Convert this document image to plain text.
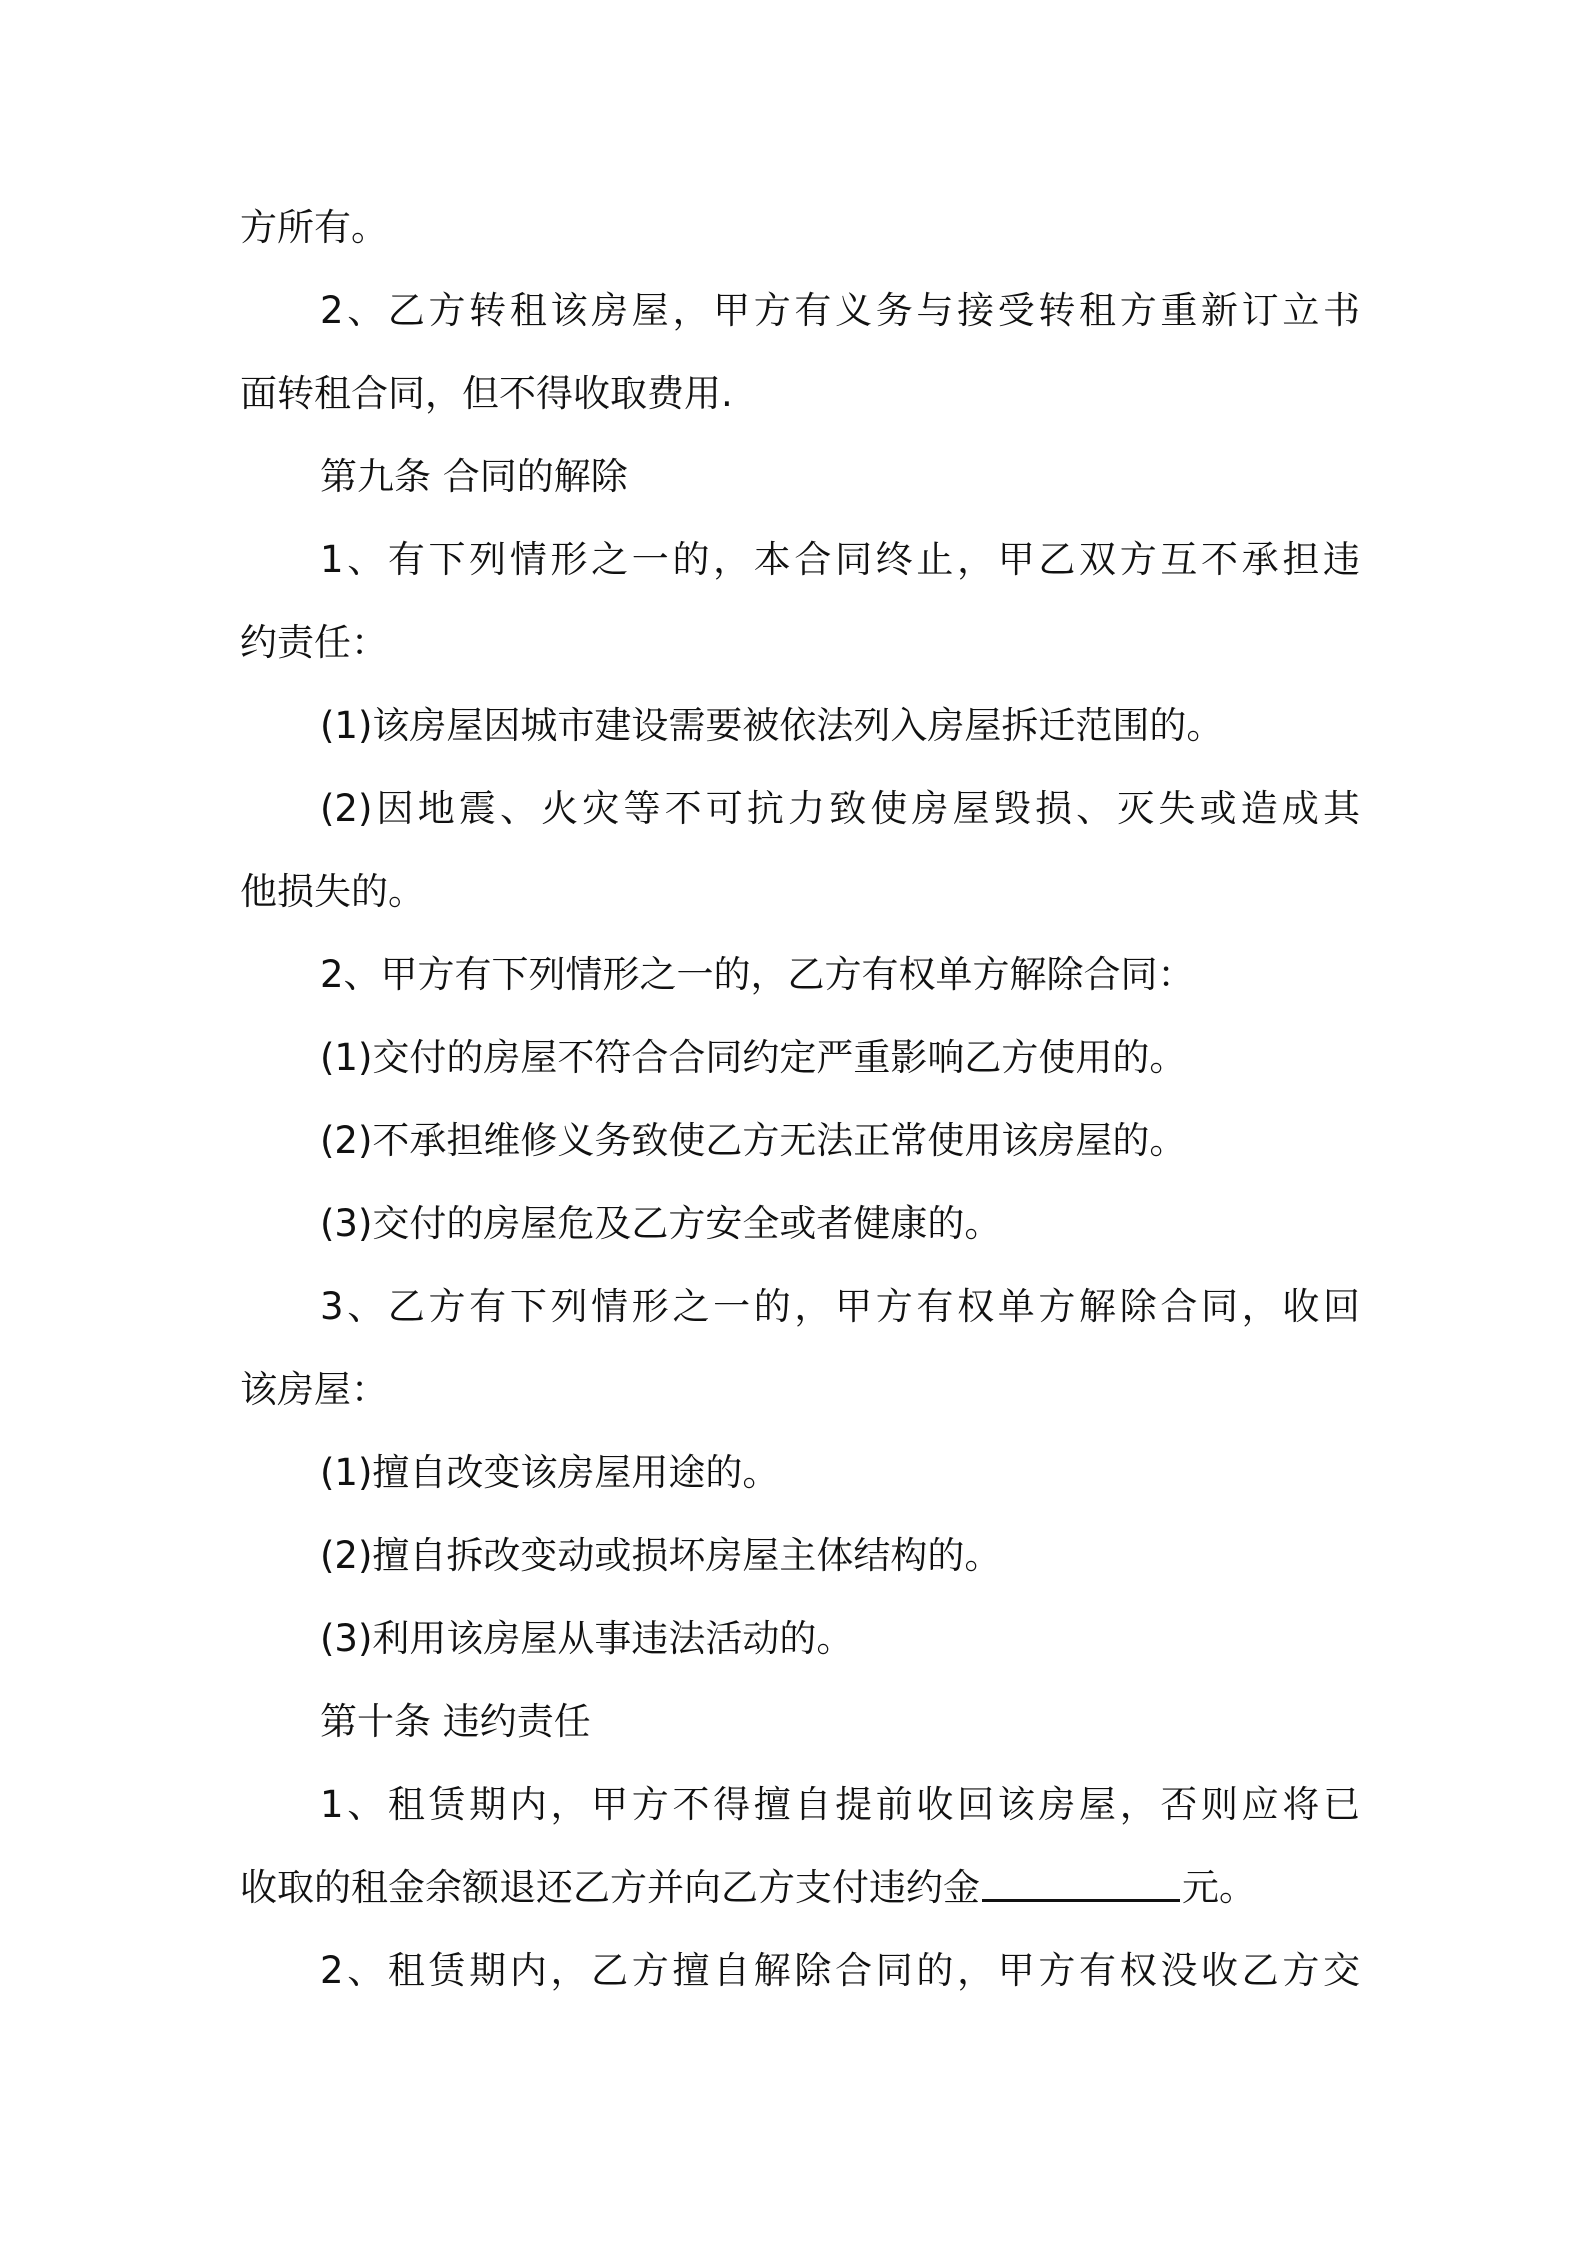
方所有。
2、乙方转租该房屋，甲方有义务与接受转租方重新订立书
面转租合同，但不得收取费用.
第九条 合同的解除
1、有下列情形之一的，本合同终止，甲乙双方互不承担违
约责任：
(1)该房屋因城市建设需要被依法列入房屋拆迁范围的。
(2)因地震、火灾等不可抗力致使房屋毁损、灭失或造成其
他损失的。
2、甲方有下列情形之一的，乙方有权单方解除合同：
(1)交付的房屋不符合合同约定严重影响乙方使用的。
(2)不承担维修义务致使乙方无法正常使用该房屋的。
(3)交付的房屋危及乙方安全或者健康的。
3、乙方有下列情形之一的，甲方有权单方解除合同，收回
该房屋：
(1)擅自改变该房屋用途的。
(2)擅自拆改变动或损坏房屋主体结构的。
(3)利用该房屋从事违法活动的。
第十条 违约责任
1、租赁期内，甲方不得擅自提前收回该房屋，否则应将已
收取的租金余额退还乙方并向乙方支付违约金	元。
2、租赁期内，乙方擅自解除合同的，甲方有权没收乙方交
